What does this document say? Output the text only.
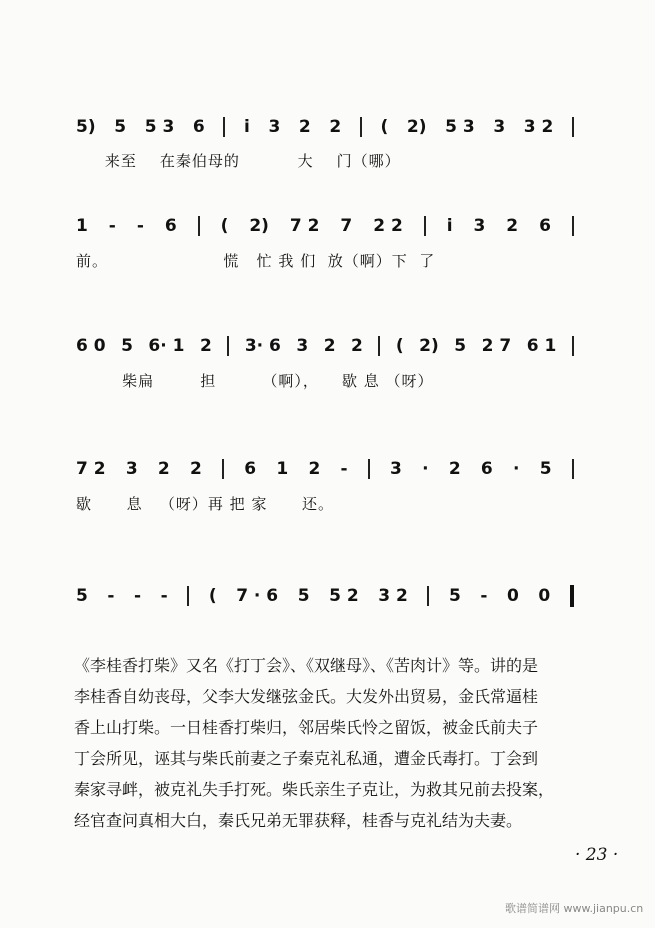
5) 5 5 3 6 i 3 2 2 ( 2) 5 3 3 3 2
来至    在秦伯母的          大    门（哪）
1 - - 6	( 2) 7 2 7 2 2	i 3 2 6
前。                    慌   忙 我 们  放（啊）下  了
6 0 5 6· 1 2 3· 6 3 2 2 ( 2) 5 2 7 6 1
柴扁        担        （啊），    歇 息 （呀）
7 2 3 2 2 6 1 2 - 3 · 2 6 · 5
歇      息   （呀）再 把 家      还。
5 - - - ( 7 · 6 5 5 2 3 2 5 - 0 0

《李桂香打柴》又名《打丁会》、《双继母》、《苦肉计》等。讲的是

李桂香自幼丧母，父李大发继弦金氏。大发外出贸易，金氏常逼桂

香上山打柴。一日桂香打柴归，邻居柴氏怜之留饭，被金氏前夫子

丁会所见，诬其与柴氏前妻之子秦克礼私通，遭金氏毒打。丁会到

秦家寻衅，被克礼失手打死。柴氏亲生子克让，为救其兄前去投案，

经官查问真相大白，秦氏兄弟无罪获释，桂香与克礼结为夫妻。

· 23 ·
歌谱简谱网 www.jianpu.cn
